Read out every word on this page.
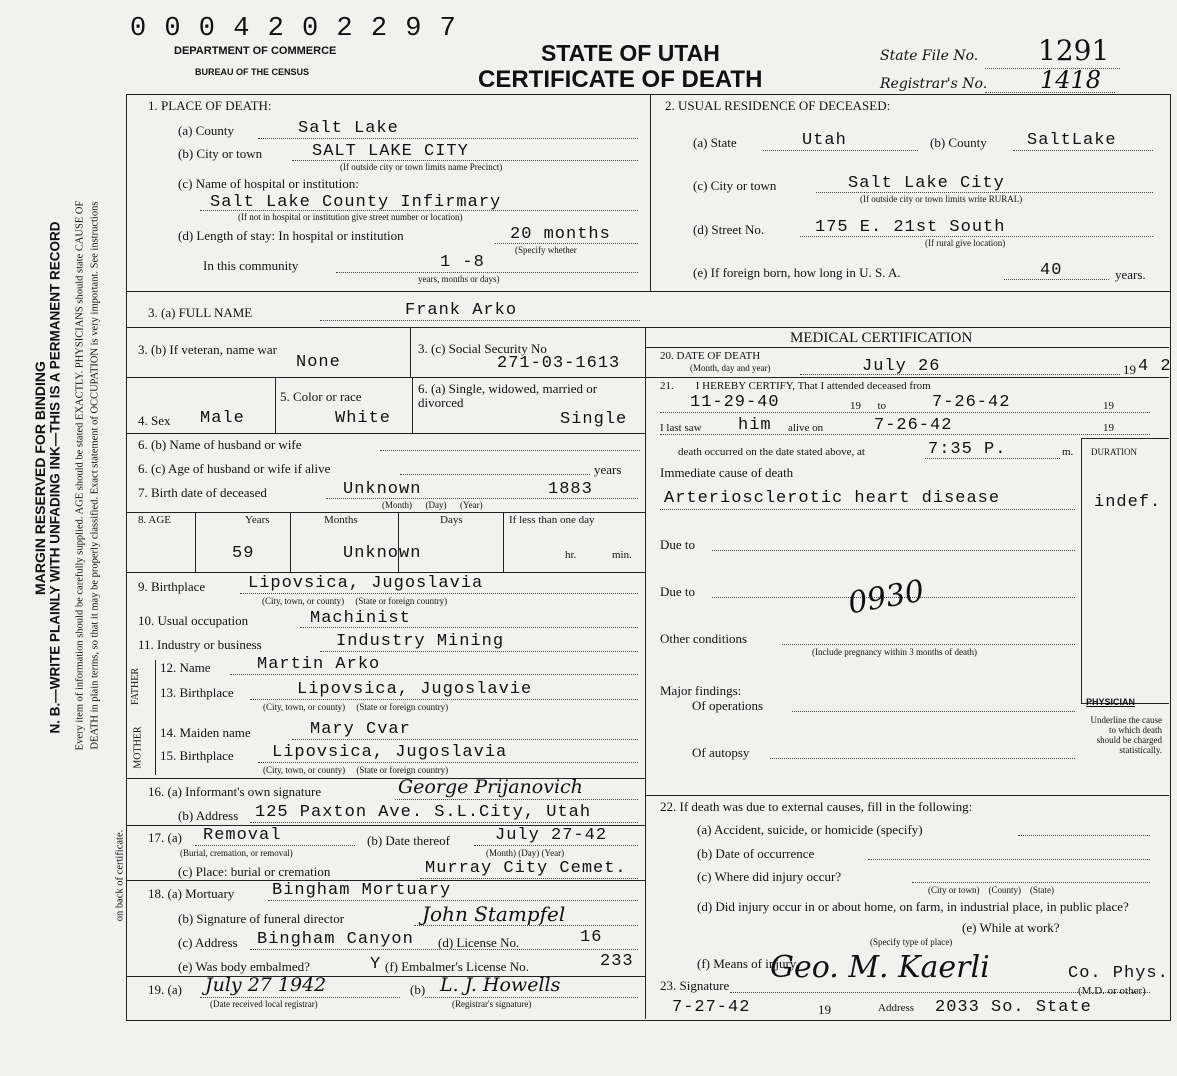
MARGIN RESERVED FOR BINDING N. B.—WRITE PLAINLY WITH UNFADING INK—THIS IS A PERMANENT RECORD Every item of information should be carefully supplied. AGE should be stated EXACTLY. PHYSICIANS should state CAUSE OF DEATH in plain terms, so that it may be properly classified. Exact statement of OCCUPATION is very important. See instructions
on back of certificate.
0 0 0 4 2 0 2 2 9 7
DEPARTMENT OF COMMERCE
BUREAU OF THE CENSUS
STATE OF UTAH
CERTIFICATE OF DEATH
State File No. 1291
Registrar's No. 1418
1. PLACE OF DEATH:
(a) County	Salt Lake
(b) City or town	SALT LAKE CITY
(If outside city or town limits name Precinct)
(c) Name of hospital or institution:
Salt Lake County Infirmary
(If not in hospital or institution give street number or location)
(d) Length of stay: In hospital or institution	20 months
(Specify whether
In this community	1 -8
years, months or days)
2. USUAL RESIDENCE OF DECEASED:
(a) State	Utah	(b) County SaltLake
(c) City or town	Salt Lake City
(If outside city or town limits write RURAL)
(d) Street No.	175 E. 21st South
(If rural give location)
(e) If foreign born, how long in U. S. A.	40	years.
3. (a) FULL NAME	Frank Arko
3. (b) If veteran, name war
None
3. (c) Social Security No
271-03-1613
4. Sex Male
5. Color or race
White
6. (a) Single, widowed, married or divorced
Single
6. (b) Name of husband or wife
6. (c) Age of husband or wife if alive	years
7. Birth date of deceased	Unknown	1883
(Month)      (Day)      (Year)
8. AGE	Years	Months	Days	If less than one day
59	Unknown	hr.	min.
9. Birthplace	Lipovsica, Jugoslavia
(City, town, or county)     (State or foreign country)
10. Usual occupation	Machinist
11. Industry or business	Industry Mining
FATHER
MOTHER
12. Name	Martin Arko
13. Birthplace	Lipovsica, Jugoslavie
(City, town, or county)     (State or foreign country)
14. Maiden name	Mary Cvar
15. Birthplace Lipovsica, Jugoslavia
(City, town, or county)     (State or foreign country)
16. (a) Informant's own signature	George Prijanovich
(b) Address 125 Paxton Ave. S.L.City, Utah
17. (a) Removal
(Burial, cremation, or removal)
(b) Date thereof	July 27-42
(Month) (Day) (Year)
(c) Place: burial or cremation	Murray City Cemet.
18. (a) Mortuary Bingham Mortuary
(b) Signature of funeral director	John Stampfel
(c) Address Bingham Canyon (d) License No.	16
(e) Was body embalmed?	Y (f) Embalmer's License No.	233
19. (a) July 27 1942
(Date received local registrar)
(b) L. J. Howells
(Registrar's signature)
MEDICAL CERTIFICATION
20. DATE OF DEATH
(Month, day and year)	July 26	19 4 2
21.        I HEREBY CERTIFY, That I attended deceased from
11-29-40	19      to	7-26-42	19
I last saw him alive on	7-26-42	19
death occurred on the date stated above, at	7:35 P.	m. DURATION
Immediate cause of death
Arteriosclerotic heart disease	indef.
Due to
Due to	0930
Other conditions
(Include pregnancy within 3 months of death)
Major findings:
Of operations
Of autopsy
PHYSICIAN
Underline the cause to which death should be charged statistically.
22. If death was due to external causes, fill in the following:
(a) Accident, suicide, or homicide (specify)
(b) Date of occurrence
(c) Where did injury occur?
(City or town)    (County)    (State)
(d) Did injury occur in or about home, on farm, in industrial place, in public place?
(Specify type of place)
(e) While at work?
(f) Means of injury
Co. Phys.
23. Signature
Geo. M. Kaerli
(M.D. or other)
7-27-42	19	Address 2033 So. State
